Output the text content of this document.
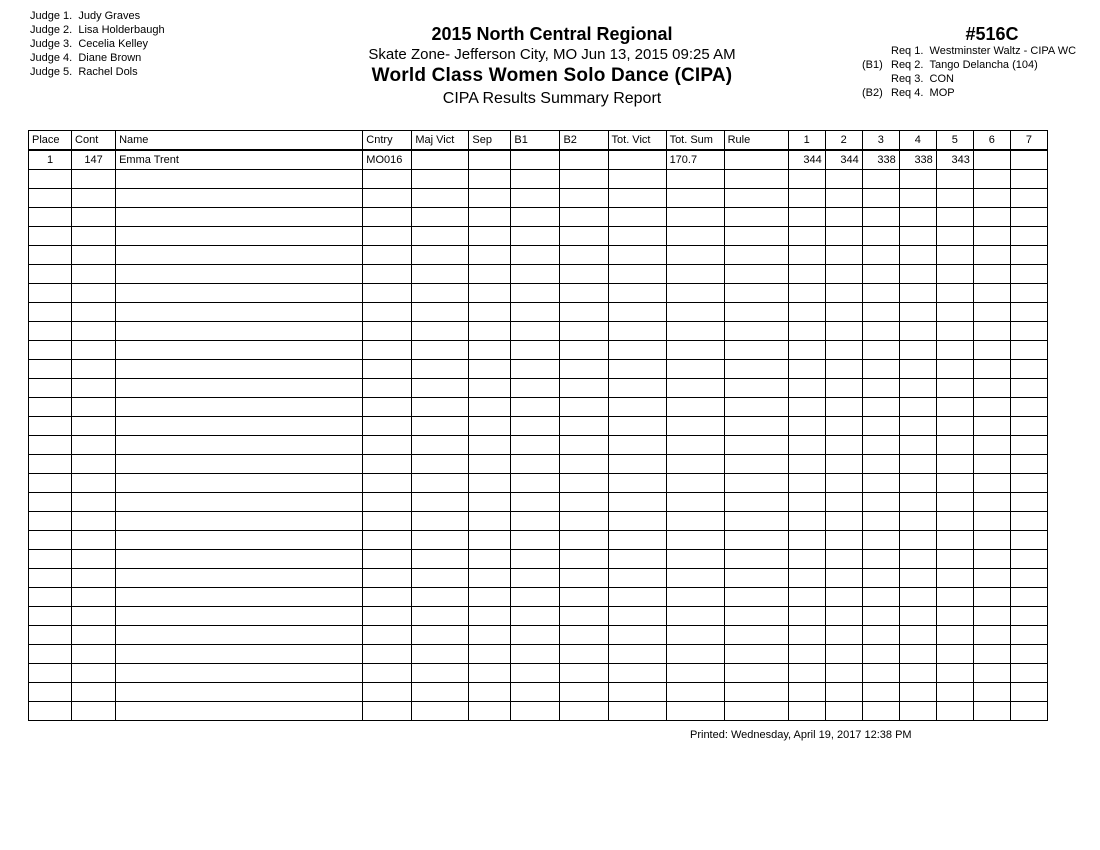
Judge 1. Judy Graves
Judge 2. Lisa Holderbaugh
Judge 3. Cecelia Kelley
Judge 4. Diane Brown
Judge 5. Rachel Dols
2015 North Central Regional
Skate Zone- Jefferson City, MO Jun 13, 2015 09:25 AM
World Class Women Solo Dance (CIPA)
CIPA Results Summary Report
#516C
Req 1.
Westminster Waltz - CIPA WC
(B1) Req 2.
Tango Delancha (104)
Req 3.
CON
(B2) Req 4.
MOP
Place	Cont	Name	Cntry	Maj Vict	Sep	B1	B2	Tot. Vict	Tot. Sum	Rule	1	2	3	4	5	6	7
1	147	Emma Trent	MO016						170.7		344	344	338	338	343		

Printed: Wednesday, April 19, 2017 12:38 PM
